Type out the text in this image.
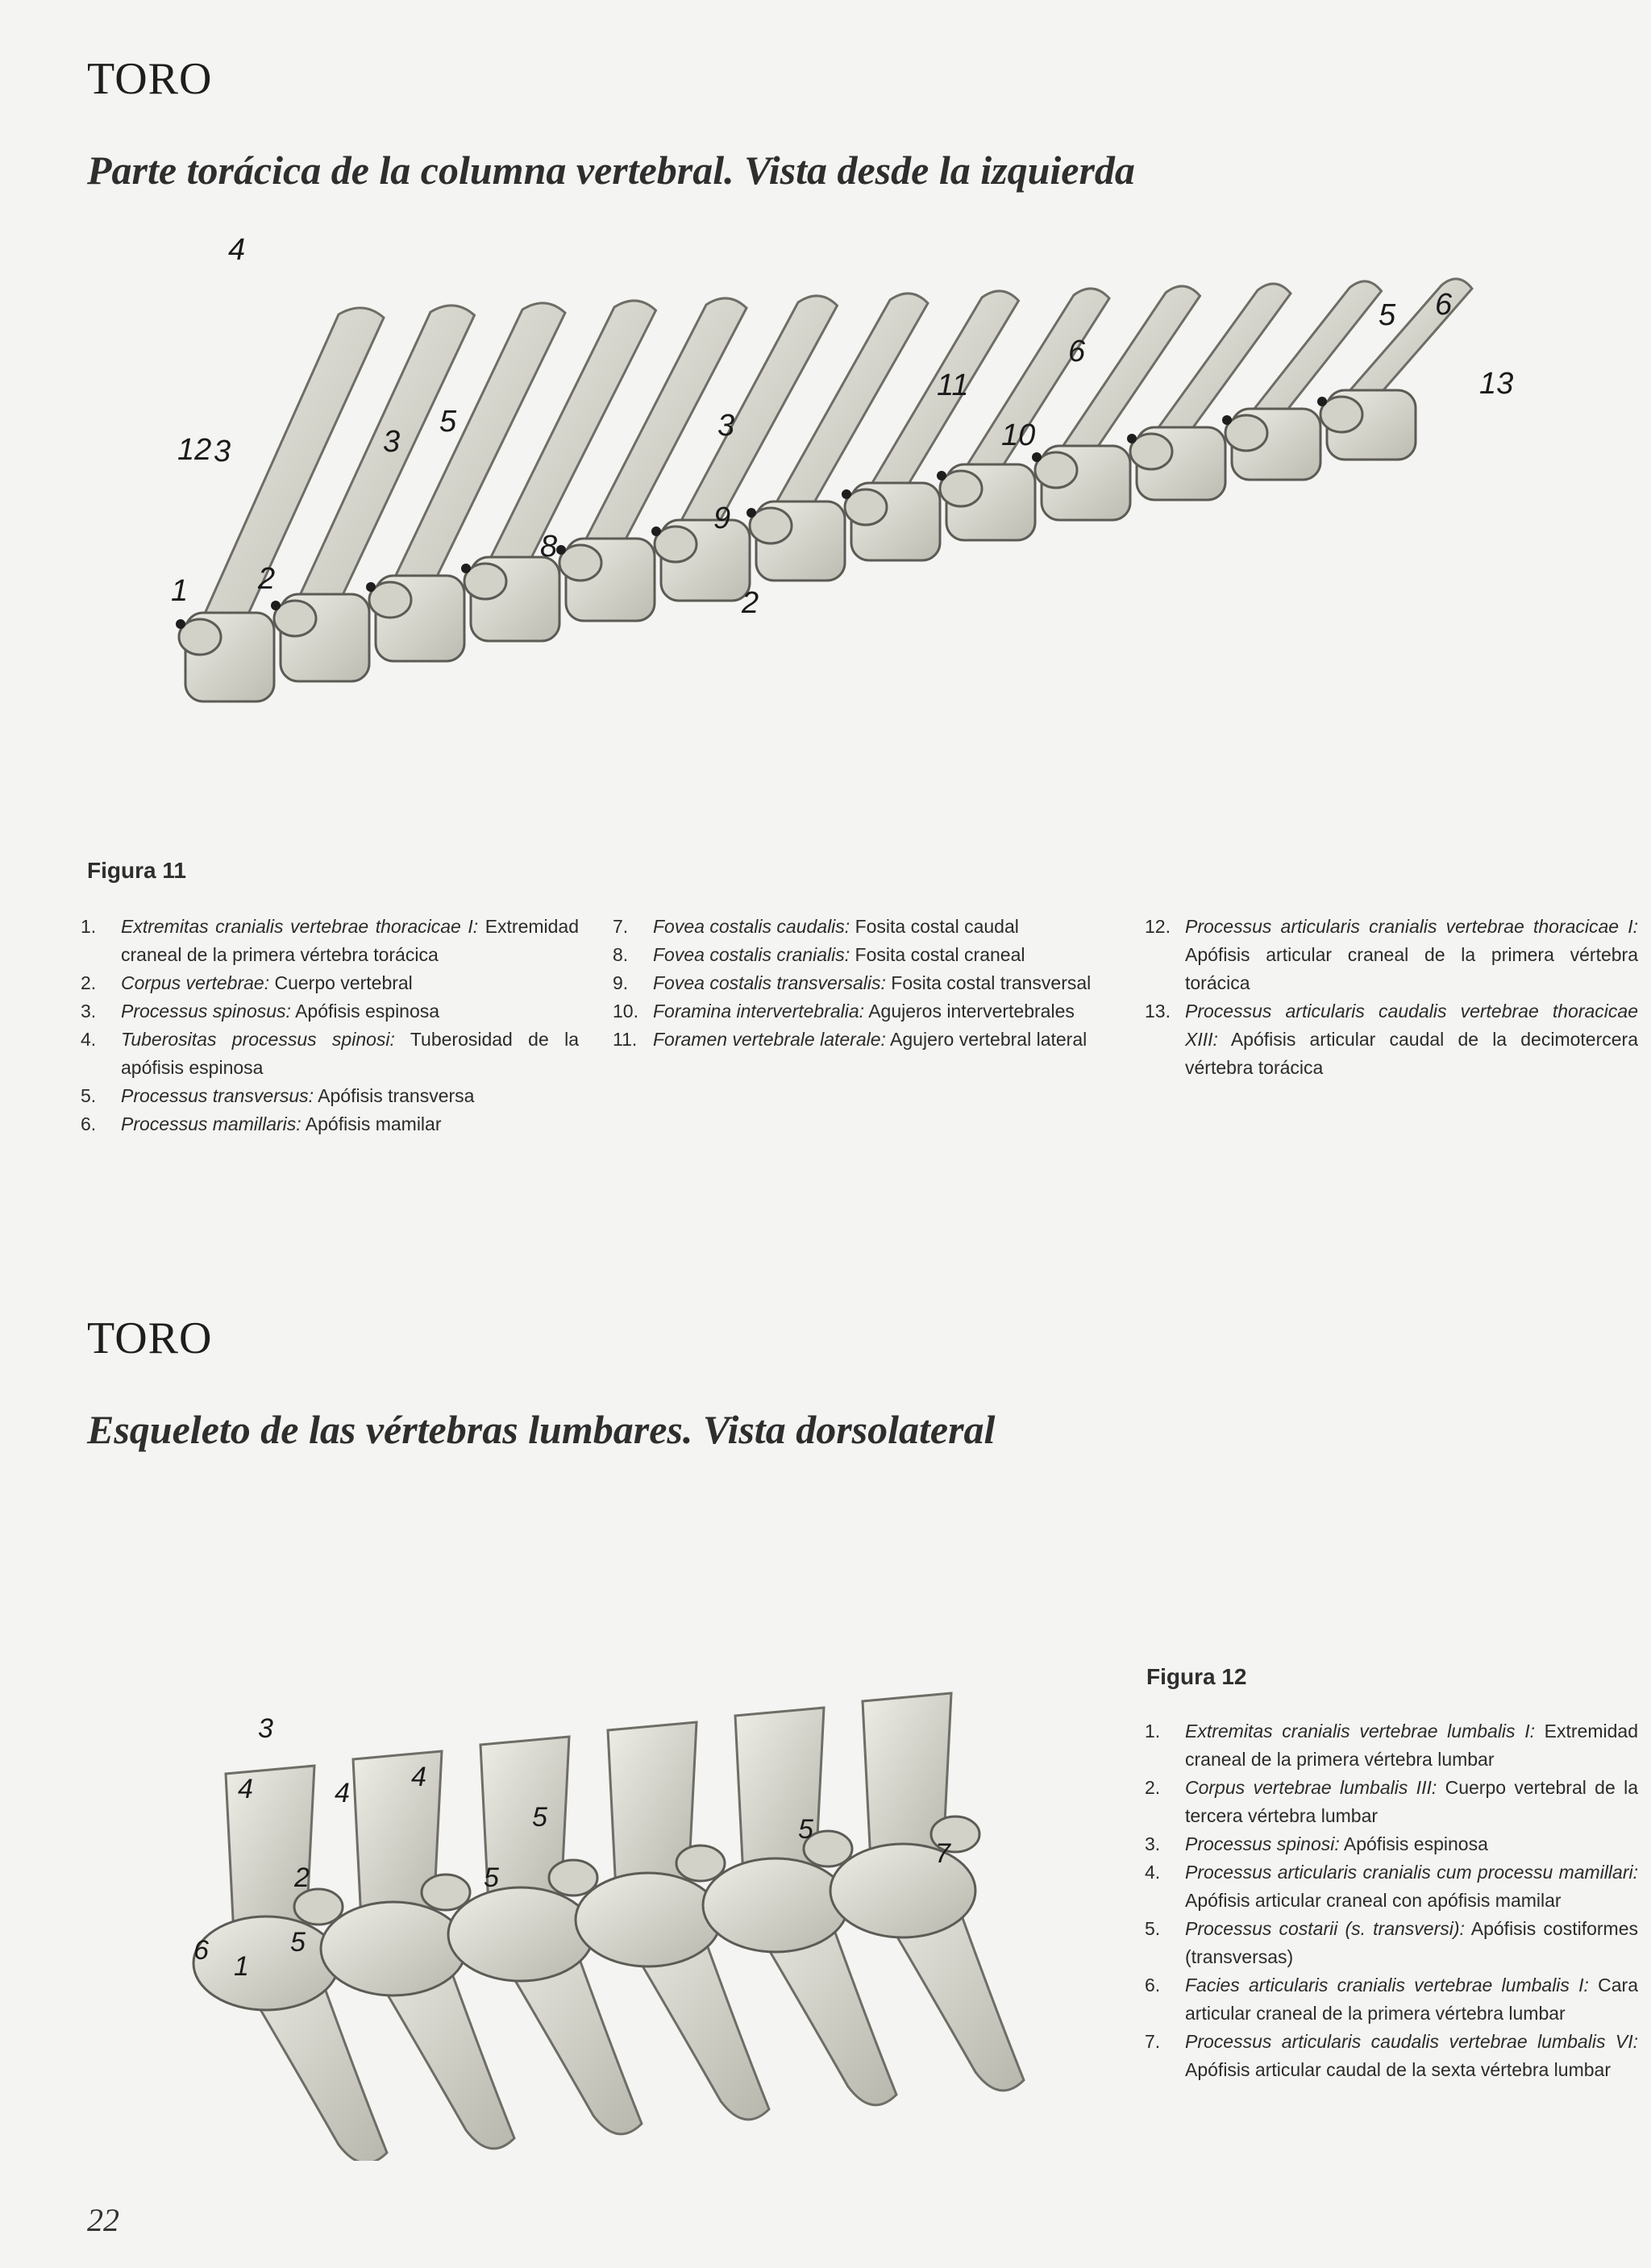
TORO
Parte torácica de la columna vertebral. Vista desde la izquierda
1 2
2
3	3	3
4
5
5
6
6
8
9
10
11
12
13
Figura 11
1.	Extremitas cranialis vertebrae thoracicae I: Extremidad craneal de la primera vértebra torácica
2.	Corpus vertebrae: Cuerpo vertebral
3.	Processus spinosus: Apófisis espinosa
4.	Tuberositas processus spinosi: Tuberosidad de la apófisis espinosa
5.	Processus transversus: Apófisis transversa
6.	Processus mamillaris: Apófisis mamilar
7.	Fovea costalis caudalis: Fosita costal caudal
8.	Fovea costalis cranialis: Fosita costal craneal
9.	Fovea costalis transversalis: Fosita costal transversal
10. Foramina intervertebralia: Agujeros intervertebrales
11. Foramen vertebrale laterale: Agujero vertebral lateral
12. Processus articularis cranialis vertebrae thoracicae I: Apófisis articular craneal de la primera vértebra torácica
13. Processus articularis caudalis vertebrae thoracicae XIII: Apófisis articular caudal de la decimotercera vértebra torácica
TORO
Esqueleto de las vértebras lumbares. Vista dorsolateral
1
2
3
4	4
4
5
5
5	5
6
7
Figura 12
1.	Extremitas cranialis vertebrae lumbalis I: Extremidad craneal de la primera vértebra lumbar
2.	Corpus vertebrae lumbalis III: Cuerpo vertebral de la tercera vértebra lumbar
3.	Processus spinosi: Apófisis espinosa
4.	Processus articularis cranialis cum processu mamillari: Apófisis articular craneal con apófisis mamilar
5.	Processus costarii (s. transversi): Apófisis costiformes (transversas)
6.	Facies articularis cranialis vertebrae lumbalis I: Cara articular craneal de la primera vértebra lumbar
7.	Processus articularis caudalis vertebrae lumbalis VI: Apófisis articular caudal de la sexta vértebra lumbar
22
